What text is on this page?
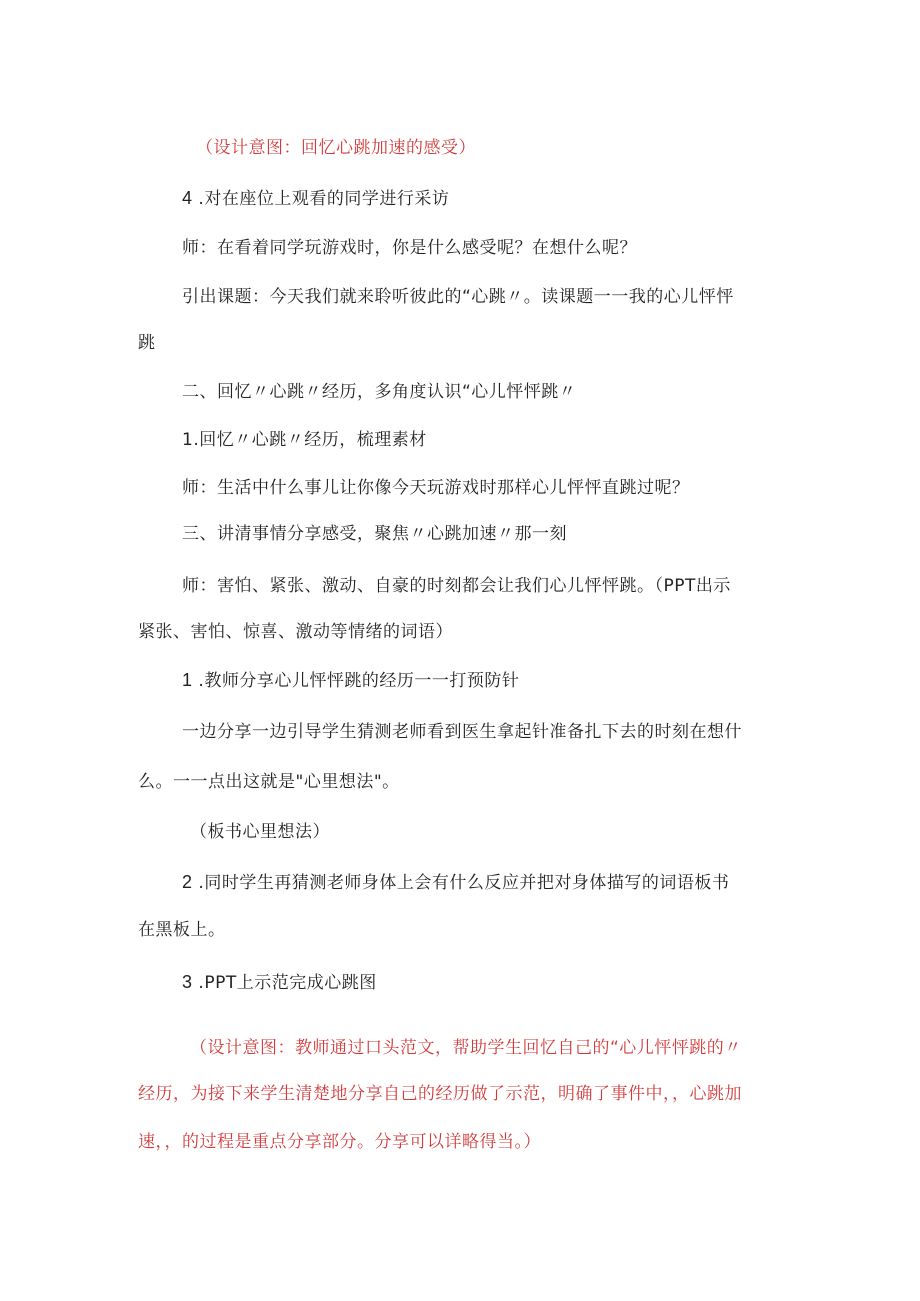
（设计意图：回忆心跳加速的感受）
4 .对在座位上观看的同学进行采访
师：在看着同学玩游戏时，你是什么感受呢？在想什么呢？
引出课题：今天我们就来聆听彼此的“心跳〃。读课题一一我的心儿怦怦
跳
二、回忆〃心跳〃经历，多角度认识“心儿怦怦跳〃
1.回忆〃心跳〃经历，梳理素材
师：生活中什么事儿让你像今天玩游戏时那样心儿怦怦直跳过呢？
三、讲清事情分享感受，聚焦〃心跳加速〃那一刻
师：害怕、紧张、激动、自豪的时刻都会让我们心儿怦怦跳。（PPT出示
紧张、害怕、惊喜、激动等情绪的词语）
1 .教师分享心儿怦怦跳的经历一一打预防针
一边分享一边引导学生猜测老师看到医生拿起针准备扎下去的时刻在想什
么。一一点出这就是"心里想法"。
（板书心里想法）
2 .同时学生再猜测老师身体上会有什么反应并把对身体描写的词语板书
在黑板上。
3 .PPT上示范完成心跳图
（设计意图：教师通过口头范文，帮助学生回忆自己的“心儿怦怦跳的〃
经历，为接下来学生清楚地分享自己的经历做了示范，明确了事件中，，心跳加
速，，的过程是重点分享部分。分享可以详略得当。）
